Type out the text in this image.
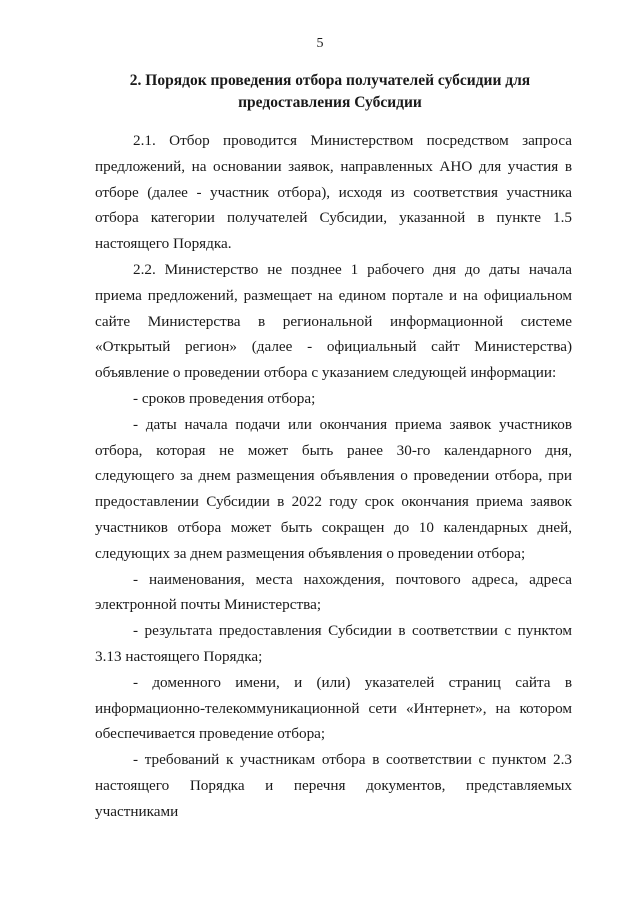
5
2. Порядок проведения отбора получателей субсидии для предоставления Субсидии

2.1. Отбор проводится Министерством посредством запроса предложений, на основании заявок, направленных АНО для участия в отборе (далее - участник отбора), исходя из соответствия участника отбора категории получателей Субсидии, указанной в пункте 1.5 настоящего Порядка.

2.2. Министерство не позднее 1 рабочего дня до даты начала приема предложений, размещает на едином портале и на официальном сайте Министерства в региональной информационной системе «Открытый регион» (далее - официальный сайт Министерства) объявление о проведении отбора с указанием следующей информации:

- сроков проведения отбора;

- даты начала подачи или окончания приема заявок участников отбора, которая не может быть ранее 30-го календарного дня, следующего за днем размещения объявления о проведении отбора, при предоставлении Субсидии в 2022 году срок окончания приема заявок участников отбора может быть сокращен до 10 календарных дней, следующих за днем размещения объявления о проведении отбора;

- наименования, места нахождения, почтового адреса, адреса электронной почты Министерства;

- результата предоставления Субсидии в соответствии с пунктом 3.13 настоящего Порядка;

- доменного имени, и (или) указателей страниц сайта в информационно-телекоммуникационной сети «Интернет», на котором обеспечивается проведение отбора;

- требований к участникам отбора в соответствии с пунктом 2.3 настоящего Порядка и перечня документов, представляемых участниками
